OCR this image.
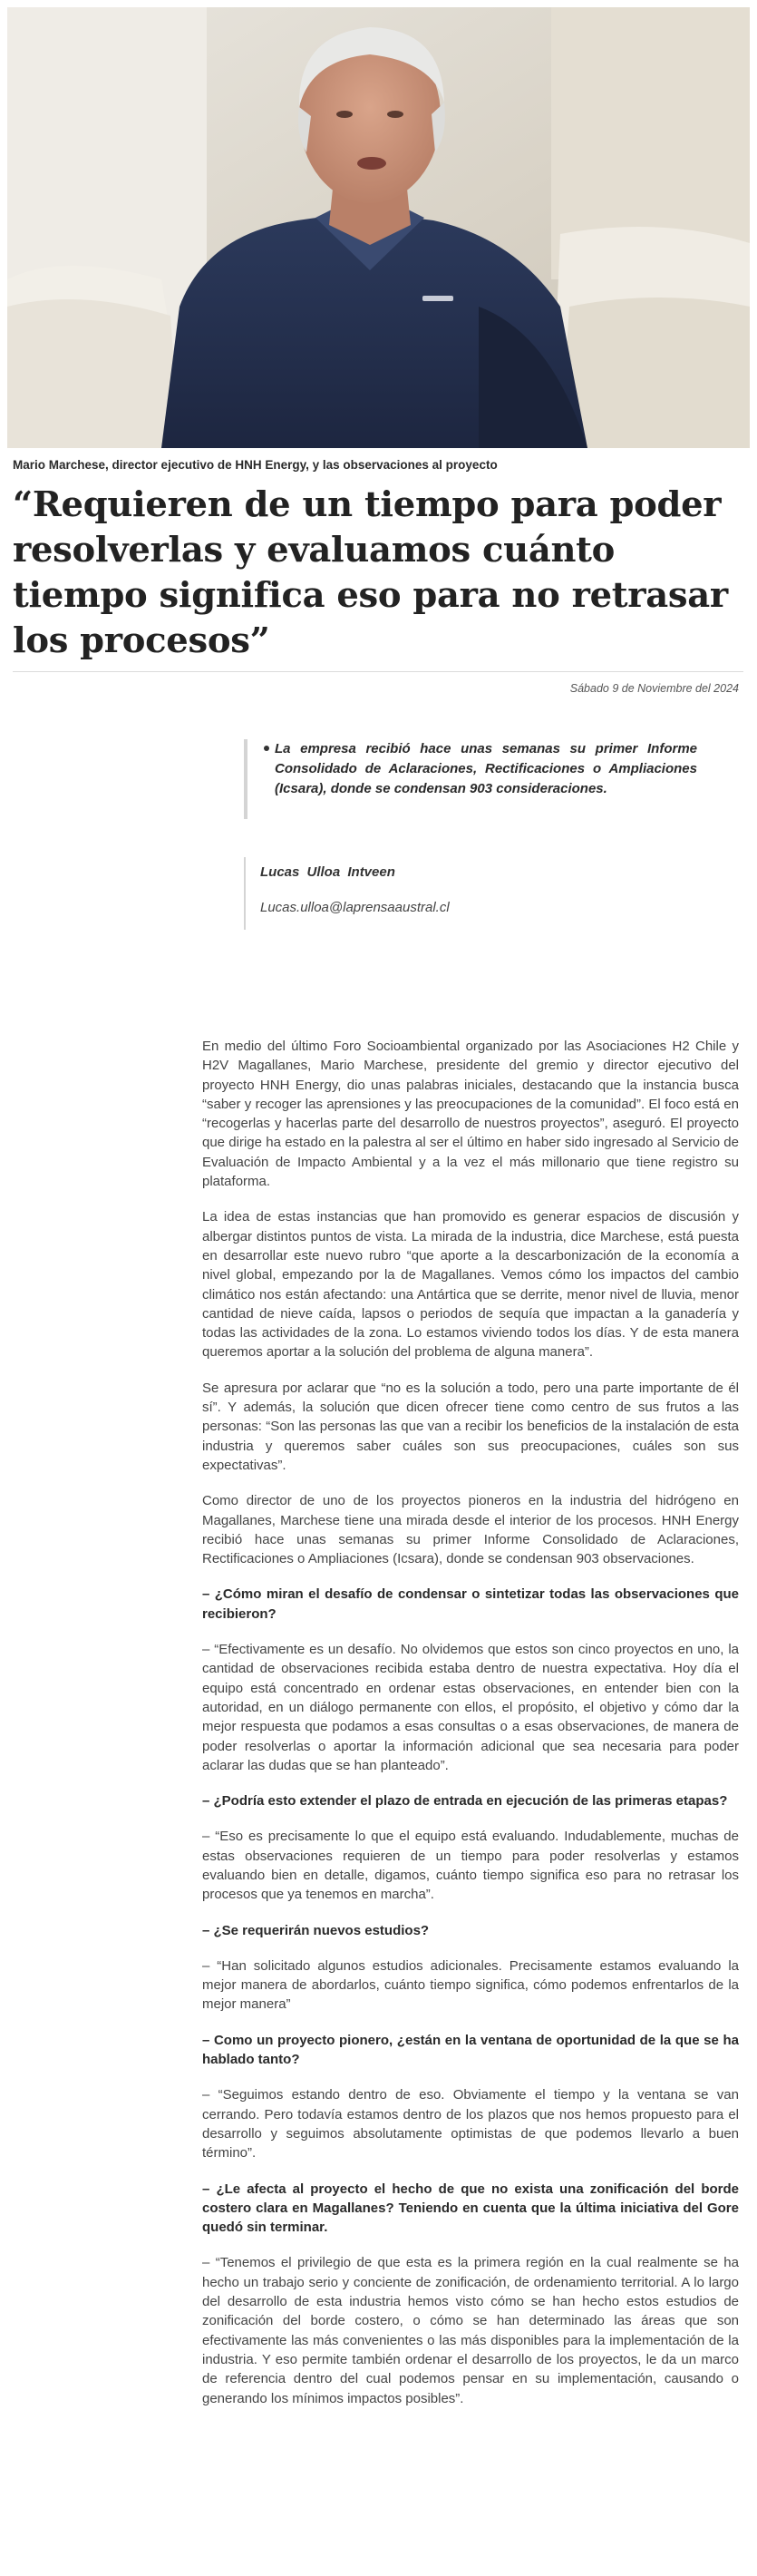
Mario Marchese, director ejecutivo de HNH Energy, y las observaciones al proyecto
“Requieren de un tiempo para poder resolverlas y evaluamos cuánto tiempo significa eso para no retrasar los procesos”
Sábado 9 de Noviembre del 2024

La empresa recibió hace unas semanas su primer Informe Consolidado de Aclaraciones, Rectificaciones o Ampliaciones (Icsara), donde se condensan 903 consideraciones.

Lucas Ulloa Intveen
Lucas.ulloa@laprensaaustral.cl

En medio del último Foro Socioambiental organizado por las Asociaciones H2 Chile y H2V Magallanes, Mario Marchese, presidente del gremio y director ejecutivo del proyecto HNH Energy, dio unas palabras iniciales, destacando que la instancia busca “saber y recoger las aprensiones y las preocupaciones de la comunidad”. El foco está en “recogerlas y hacerlas parte del desarrollo de nuestros proyectos”, aseguró. El proyecto que dirige ha estado en la palestra al ser el último en haber sido ingresado al Servicio de Evaluación de Impacto Ambiental y a la vez el más millonario que tiene registro su plataforma.

La idea de estas instancias que han promovido es generar espacios de discusión y albergar distintos puntos de vista. La mirada de la industria, dice Marchese, está puesta en desarrollar este nuevo rubro “que aporte a la descarbonización de la economía a nivel global, empezando por la de Magallanes. Vemos cómo los impactos del cambio climático nos están afectando: una Antártica que se derrite, menor nivel de lluvia, menor cantidad de nieve caída, lapsos o periodos de sequía que impactan a la ganadería y todas las actividades de la zona. Lo estamos viviendo todos los días. Y de esta manera queremos aportar a la solución del problema de alguna manera”.

Se apresura por aclarar que “no es la solución a todo, pero una parte importante de él sí”. Y además, la solución que dicen ofrecer tiene como centro de sus frutos a las personas: “Son las personas las que van a recibir los beneficios de la instalación de esta industria y queremos saber cuáles son sus preocupaciones, cuáles son sus expectativas”.

Como director de uno de los proyectos pioneros en la industria del hidrógeno en Magallanes, Marchese tiene una mirada desde el interior de los procesos. HNH Energy recibió hace unas semanas su primer Informe Consolidado de Aclaraciones, Rectificaciones o Ampliaciones (Icsara), donde se condensan 903 observaciones.

– ¿Cómo miran el desafío de condensar o sintetizar todas las observaciones que recibieron?

– “Efectivamente es un desafío. No olvidemos que estos son cinco proyectos en uno, la cantidad de observaciones recibida estaba dentro de nuestra expectativa. Hoy día el equipo está concentrado en ordenar estas observaciones, en entender bien con la autoridad, en un diálogo permanente con ellos, el propósito, el objetivo y cómo dar la mejor respuesta que podamos a esas consultas o a esas observaciones, de manera de poder resolverlas o aportar la información adicional que sea necesaria para poder aclarar las dudas que se han planteado”.

– ¿Podría esto extender el plazo de entrada en ejecución de las primeras etapas?

– “Eso es precisamente lo que el equipo está evaluando. Indudablemente, muchas de estas observaciones requieren de un tiempo para poder resolverlas y estamos evaluando bien en detalle, digamos, cuánto tiempo significa eso para no retrasar los procesos que ya tenemos en marcha”.

– ¿Se requerirán nuevos estudios?

– “Han solicitado algunos estudios adicionales. Precisamente estamos evaluando la mejor manera de abordarlos, cuánto tiempo significa, cómo podemos enfrentarlos de la mejor manera”

– Como un proyecto pionero, ¿están en la ventana de oportunidad de la que se ha hablado tanto?

– “Seguimos estando dentro de eso. Obviamente el tiempo y la ventana se van cerrando. Pero todavía estamos dentro de los plazos que nos hemos propuesto para el desarrollo y seguimos absolutamente optimistas de que podemos llevarlo a buen término”.

– ¿Le afecta al proyecto el hecho de que no exista una zonificación del borde costero clara en Magallanes? Teniendo en cuenta que la última iniciativa del Gore quedó sin terminar.

– “Tenemos el privilegio de que esta es la primera región en la cual realmente se ha hecho un trabajo serio y conciente de zonificación, de ordenamiento territorial. A lo largo del desarrollo de esta industria hemos visto cómo se han hecho estos estudios de zonificación del borde costero, o cómo se han determinado las áreas que son efectivamente las más convenientes o las más disponibles para la implementación de la industria. Y eso permite también ordenar el desarrollo de los proyectos, le da un marco de referencia dentro del cual podemos pensar en su implementación, causando o generando los mínimos impactos posibles”.
